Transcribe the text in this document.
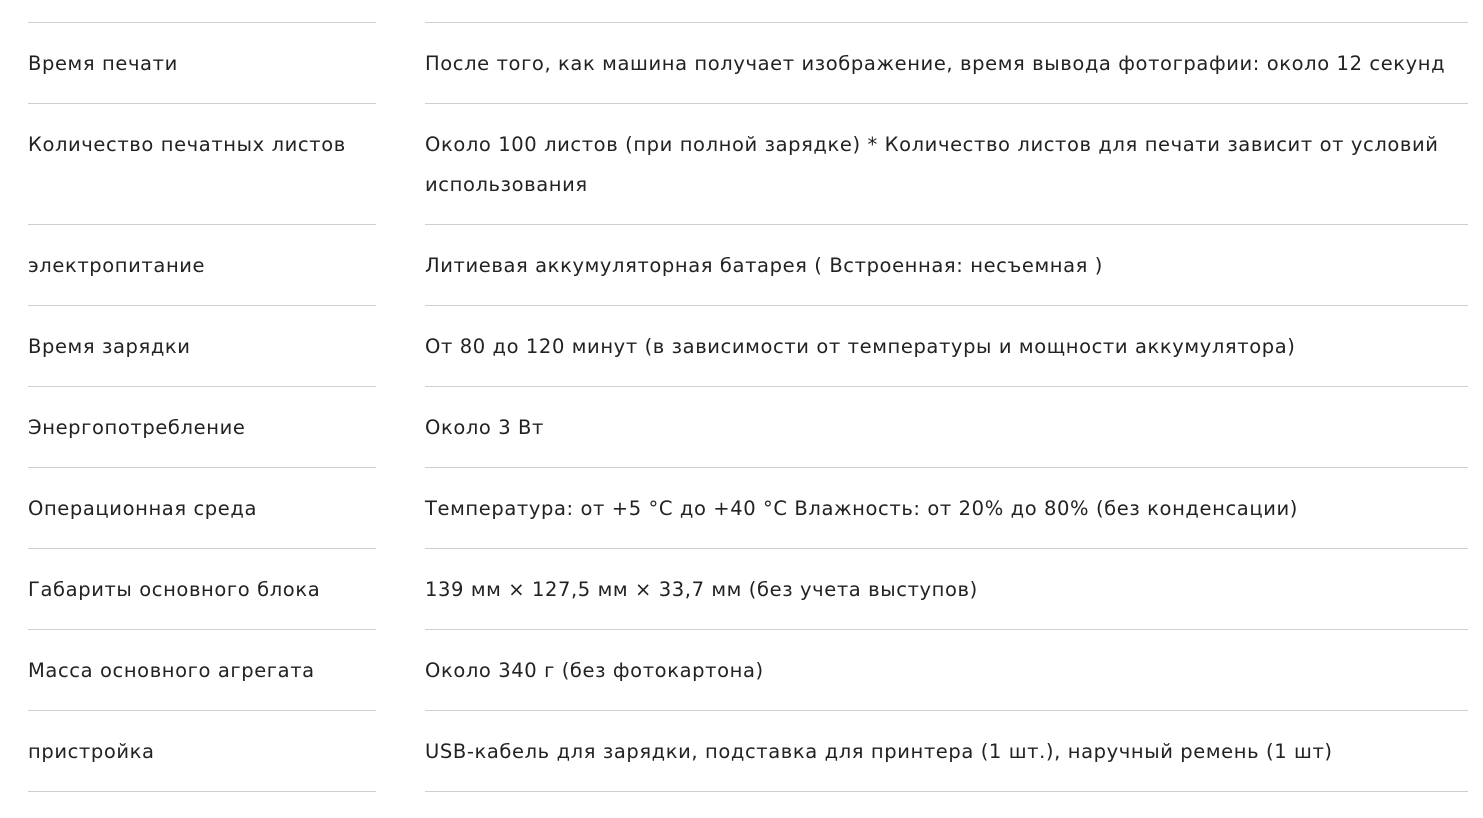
Время печати	После того, как машина получает изображение, время вывода фотографии: около 12 секунд
Количество печатных листов	Около 100 листов (при полной зарядке) * Количество листов для печати зависит от условий использования
электропитание	Литиевая аккумуляторная батарея ( Встроенная: несъемная )
Время зарядки	От 80 до 120 минут (в зависимости от температуры и мощности аккумулятора)
Энергопотребление	Около 3 Вт
Операционная среда	Температура: от +5 °C до +40 °C Влажность: от 20% до 80% (без конденсации)
Габариты основного блока	139 мм × 127,5 мм × 33,7 мм (без учета выступов)
Масса основного агрегата	Около 340 г (без фотокартона)
пристройка	USB-кабель для зарядки, подставка для принтера (1 шт.), наручный ремень (1 шт)
